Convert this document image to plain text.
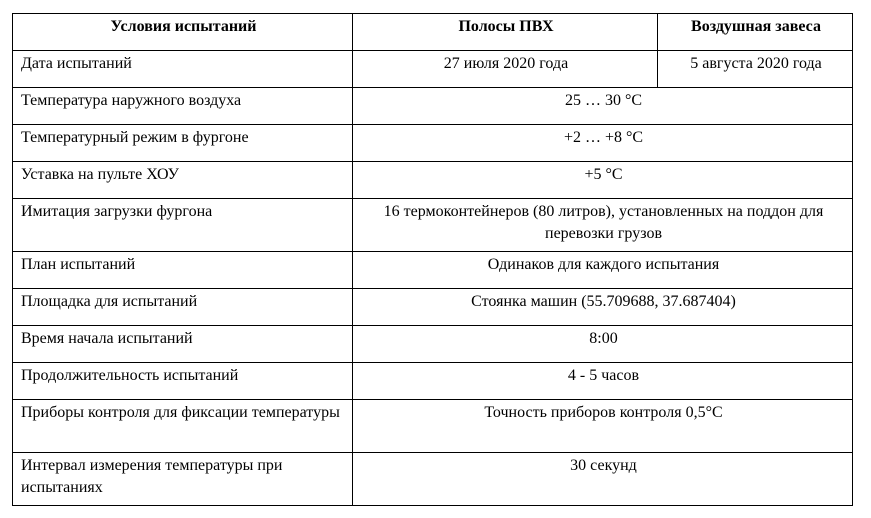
Условия испытаний	Полосы ПВХ	Воздушная завеса
Дата испытаний	27 июля 2020 года	5 августа 2020 года
Температура наружного воздуха	25 … 30 °C	
Температурный режим в фургоне	+2 … +8 °C	
Уставка на пульте ХОУ	+5 °C	
Имитация загрузки фургона	16 термоконтейнеров (80 литров), установленных на поддон для перевозки грузов	
План испытаний	Одинаков для каждого испытания	
Площадка для испытаний	Стоянка машин (55.709688, 37.687404)	
Время начала испытаний	8:00	
Продолжительность испытаний	4 - 5 часов	
Приборы контроля для фиксации температуры	Точность приборов контроля 0,5°С	
Интервал измерения температуры при испытаниях	30 секунд	
